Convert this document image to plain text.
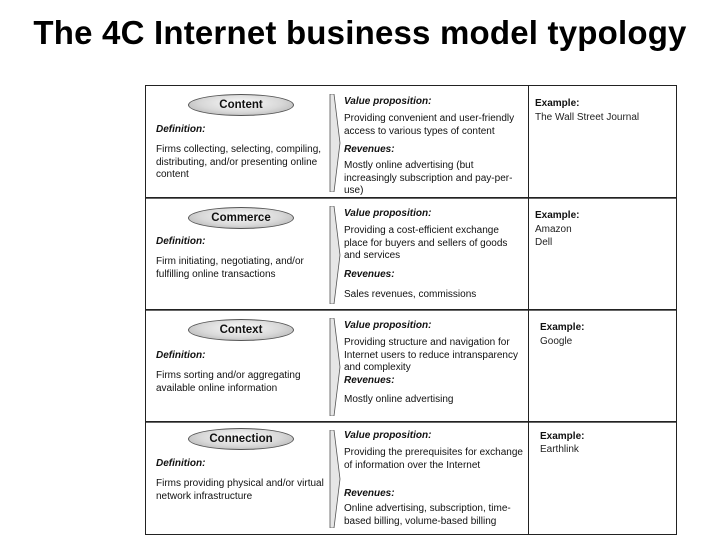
The 4C Internet business model typology
Content
Definition:
Firms collecting, selecting, compiling, distributing, and/or presenting online content
Value proposition:
Providing convenient and user-friendly access to various types of content
Revenues:
Mostly online advertising (but increasingly subscription and pay-per-use)
Example:
The Wall Street Journal
Commerce
Definition:
Firm initiating, negotiating, and/or fulfilling online transactions
Value proposition:
Providing a cost-efficient exchange place for buyers and sellers of goods and services
Revenues:
Sales revenues, commissions
Example:
Amazon
Dell
Context
Definition:
Firms sorting and/or aggregating available online information
Value proposition:
Providing structure and navigation for Internet users to reduce intransparency and complexity
Revenues:
Mostly online advertising
Example:
Google
Connection
Definition:
Firms providing physical and/or virtual network infrastructure
Value proposition:
Providing the prerequisites for exchange of information over the Internet
Revenues:
Online advertising, subscription, time-based billing, volume-based billing
Example:
Earthlink
